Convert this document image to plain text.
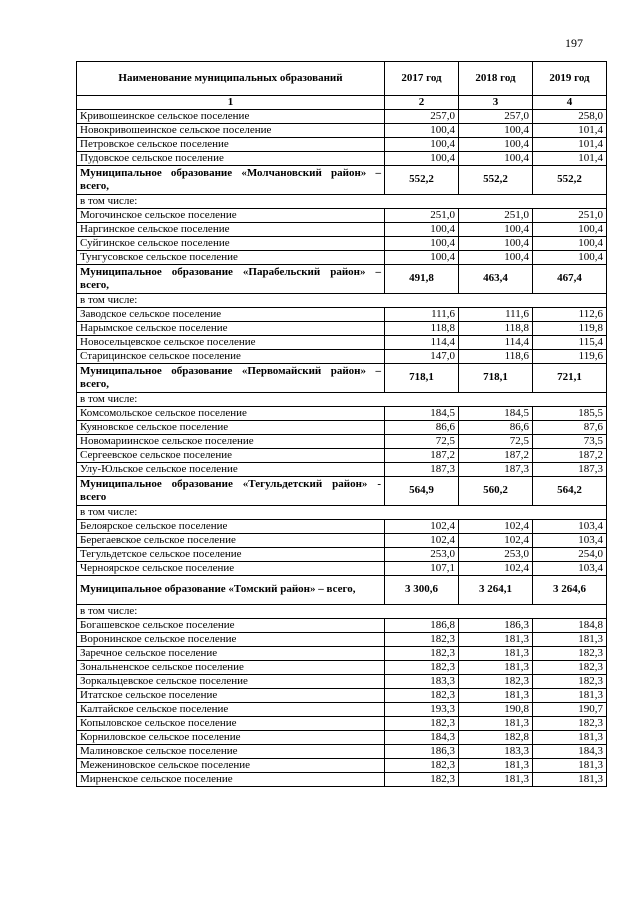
197
Наименование муниципальных образований	2017 год	2018 год	2019 год
1	2	3	4
Кривошеинское сельское поселение	257,0	257,0	258,0
Новокривошеинское сельское поселение	100,4	100,4	101,4
Петровское сельское поселение	100,4	100,4	101,4
Пудовское сельское поселение	100,4	100,4	101,4
Муниципальное образование «Молчановский район» – всего,	552,2	552,2	552,2
в том числе:			
Могочинское сельское поселение	251,0	251,0	251,0
Наргинское сельское поселение	100,4	100,4	100,4
Суйгинское сельское поселение	100,4	100,4	100,4
Тунгусовское сельское поселение	100,4	100,4	100,4
Муниципальное образование «Парабельский район» – всего,	491,8	463,4	467,4
в том числе:			
Заводское сельское поселение	111,6	111,6	112,6
Нарымское сельское поселение	118,8	118,8	119,8
Новосельцевское сельское поселение	114,4	114,4	115,4
Старицинское сельское поселение	147,0	118,6	119,6
Муниципальное образование «Первомайский район» – всего,	718,1	718,1	721,1
в том числе:			
Комсомольское сельское поселение	184,5	184,5	185,5
Куяновское сельское поселение	86,6	86,6	87,6
Новомариинское сельское поселение	72,5	72,5	73,5
Сергеевское сельское поселение	187,2	187,2	187,2
Улу-Юльское сельское поселение	187,3	187,3	187,3
Муниципальное образование «Тегульдетский район» - всего	564,9	560,2	564,2
в том числе:			
Белоярское сельское поселение	102,4	102,4	103,4
Берегаевское сельское поселение	102,4	102,4	103,4
Тегульдетское сельское поселение	253,0	253,0	254,0
Черноярское сельское поселение	107,1	102,4	103,4
Муниципальное образование «Томский район» – всего,	3 300,6	3 264,1	3 264,6
в том числе:			
Богашевское сельское поселение	186,8	186,3	184,8
Воронинское сельское поселение	182,3	181,3	181,3
Заречное сельское поселение	182,3	181,3	182,3
Зональненское сельское поселение	182,3	181,3	182,3
Зоркальцевское сельское поселение	183,3	182,3	182,3
Итатское сельское поселение	182,3	181,3	181,3
Калтайское сельское поселение	193,3	190,8	190,7
Копыловское сельское поселение	182,3	181,3	182,3
Корниловское сельское поселение	184,3	182,8	181,3
Малиновское сельское поселение	186,3	183,3	184,3
Межениновское сельское поселение	182,3	181,3	181,3
Мирненское сельское поселение	182,3	181,3	181,3
